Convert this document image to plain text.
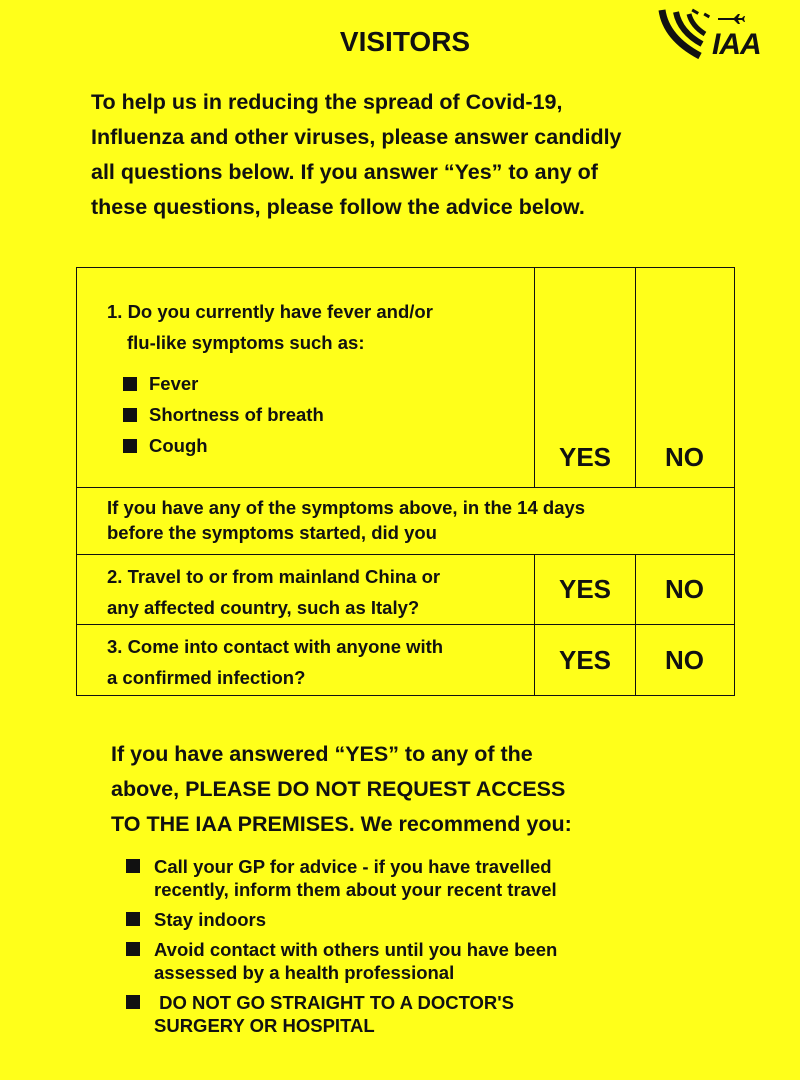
IAA
VISITORS
To help us in reducing the spread of Covid-19,
Influenza and other viruses, please answer candidly
all questions below. If you answer “Yes” to any of
these questions, please follow the advice below.
1. Do you currently have fever and/or
flu-like symptoms such as:
Fever
Shortness of breath
Cough	YES	NO
If you have any of the symptoms above, in the 14 days
before the symptoms started, did you
2. Travel to or from mainland China or
any affected country, such as Italy?
YES	NO
3. Come into contact with anyone with
a confirmed infection?
YES	NO
If you have answered “YES” to any of the
above, PLEASE DO NOT REQUEST ACCESS
TO THE IAA PREMISES. We recommend you:
Call your GP for advice - if you have travelled
recently, inform them about your recent travel
Stay indoors
Avoid contact with others until you have been
assessed by a health professional
DO NOT GO STRAIGHT TO A DOCTOR'S
SURGERY OR HOSPITAL
